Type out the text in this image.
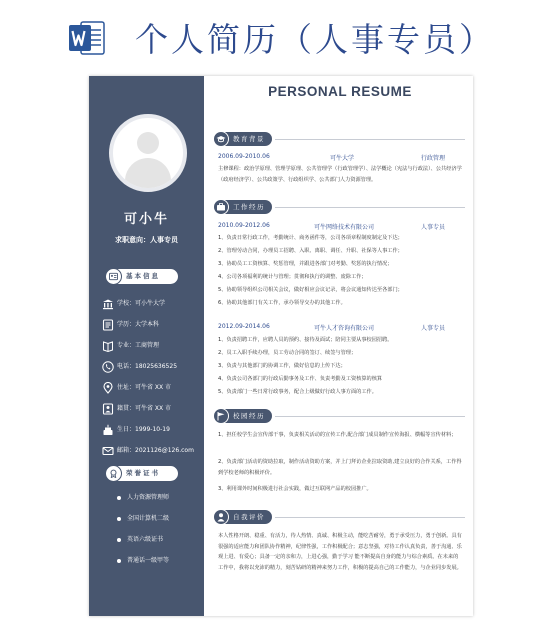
个人简历（人事专员）
可小牛
求职意向：人事专员
基本信息
学校：可小牛大学
学历：大学本科
专业：工商管理
电话：18025636525
住址：可牛省 XX 市
籍贯：可牛省 XX 市
生日：1999-10-19
邮箱：2021126@126.com
荣誉证书
人力资源管理师
全国计算机二级
英语六级证书
普通话一级甲等
PERSONAL RESUME
教育背景
2006.09-2010.06	可牛大学	行政管理
主修课程：政治学原理、管理学原理、公共管理学（行政管理学）、法学概论（宪法与行政法）、公共经济学（政府经济学）、公共政策学、行政组织学、公共部门人力资源管理。
工作经历
2010.09-2012.06	可牛网络技术有限公司	人事专员
1、负责日常行政工作，考勤统计、商务函件等，公司各项章程制度制定及下达；
2、管理劳动合同，办理员工招聘、入职、离职、调任、升职、社保等人事工作；
3、协助员工工资核算、奖惩管理，并跟进各部门对考勤、奖惩的执行情况；
4、公司各项福利的统计与管理；贯彻和执行的调整、废除工作；
5、协助领导组织公司相关会议，做好相应会议记录，将会议通知传达至各部门；
6、协助其他部门有关工作，承办领导交办的其他工作。
2012.09-2014.06	可牛人才咨询有限公司	人事专员
1、负责招聘工作，应聘人员的预约、接待及面试；陪同主要从事校园招聘。
2、员工入职手续办理，员工劳动合同的签订、续签与管理；
3、负责与其他部门的协调工作，做好信息的上传下达；
4、负责公司各部门的行政后勤事务及工作、负责考勤及工资核算的核算
5、负责部门一些日常行政事务，配合上级做好行政人事方面的工作。
校园经历
1、担任校学生会宣传部干事，负责相关活动的宣传工作,配合部门成员制作宣传海报、横幅等宣传材料；
2、负责部门活动的资助拉取，制作活动资助方案，并上门拜访企业拉取资助,建立良好的合作关系，工作得到学校老师的积极评价。
3、利用课外时间积极进行社会实践，做过互联网产品的校园推广。
自我评价
本人性格开朗、稳重、有活力，待人热情、真诚、积极主动，能吃苦耐劳，勇于承受压力，勇于创新。具有很强的适应能力和团队协作精神，纪律性强，工作积极配合；意志坚强，对待工作认真负责，善于沟通、乐观上进、有爱心；具备一定的亲和力，上进心强，勤于学习 能不断提高自身的能力与综合素质。在未来的工作中，我将以充沛的精力，刻苦钻研的精神来努力工作，积极的提高自己的工作能力，与企业同步发展。
